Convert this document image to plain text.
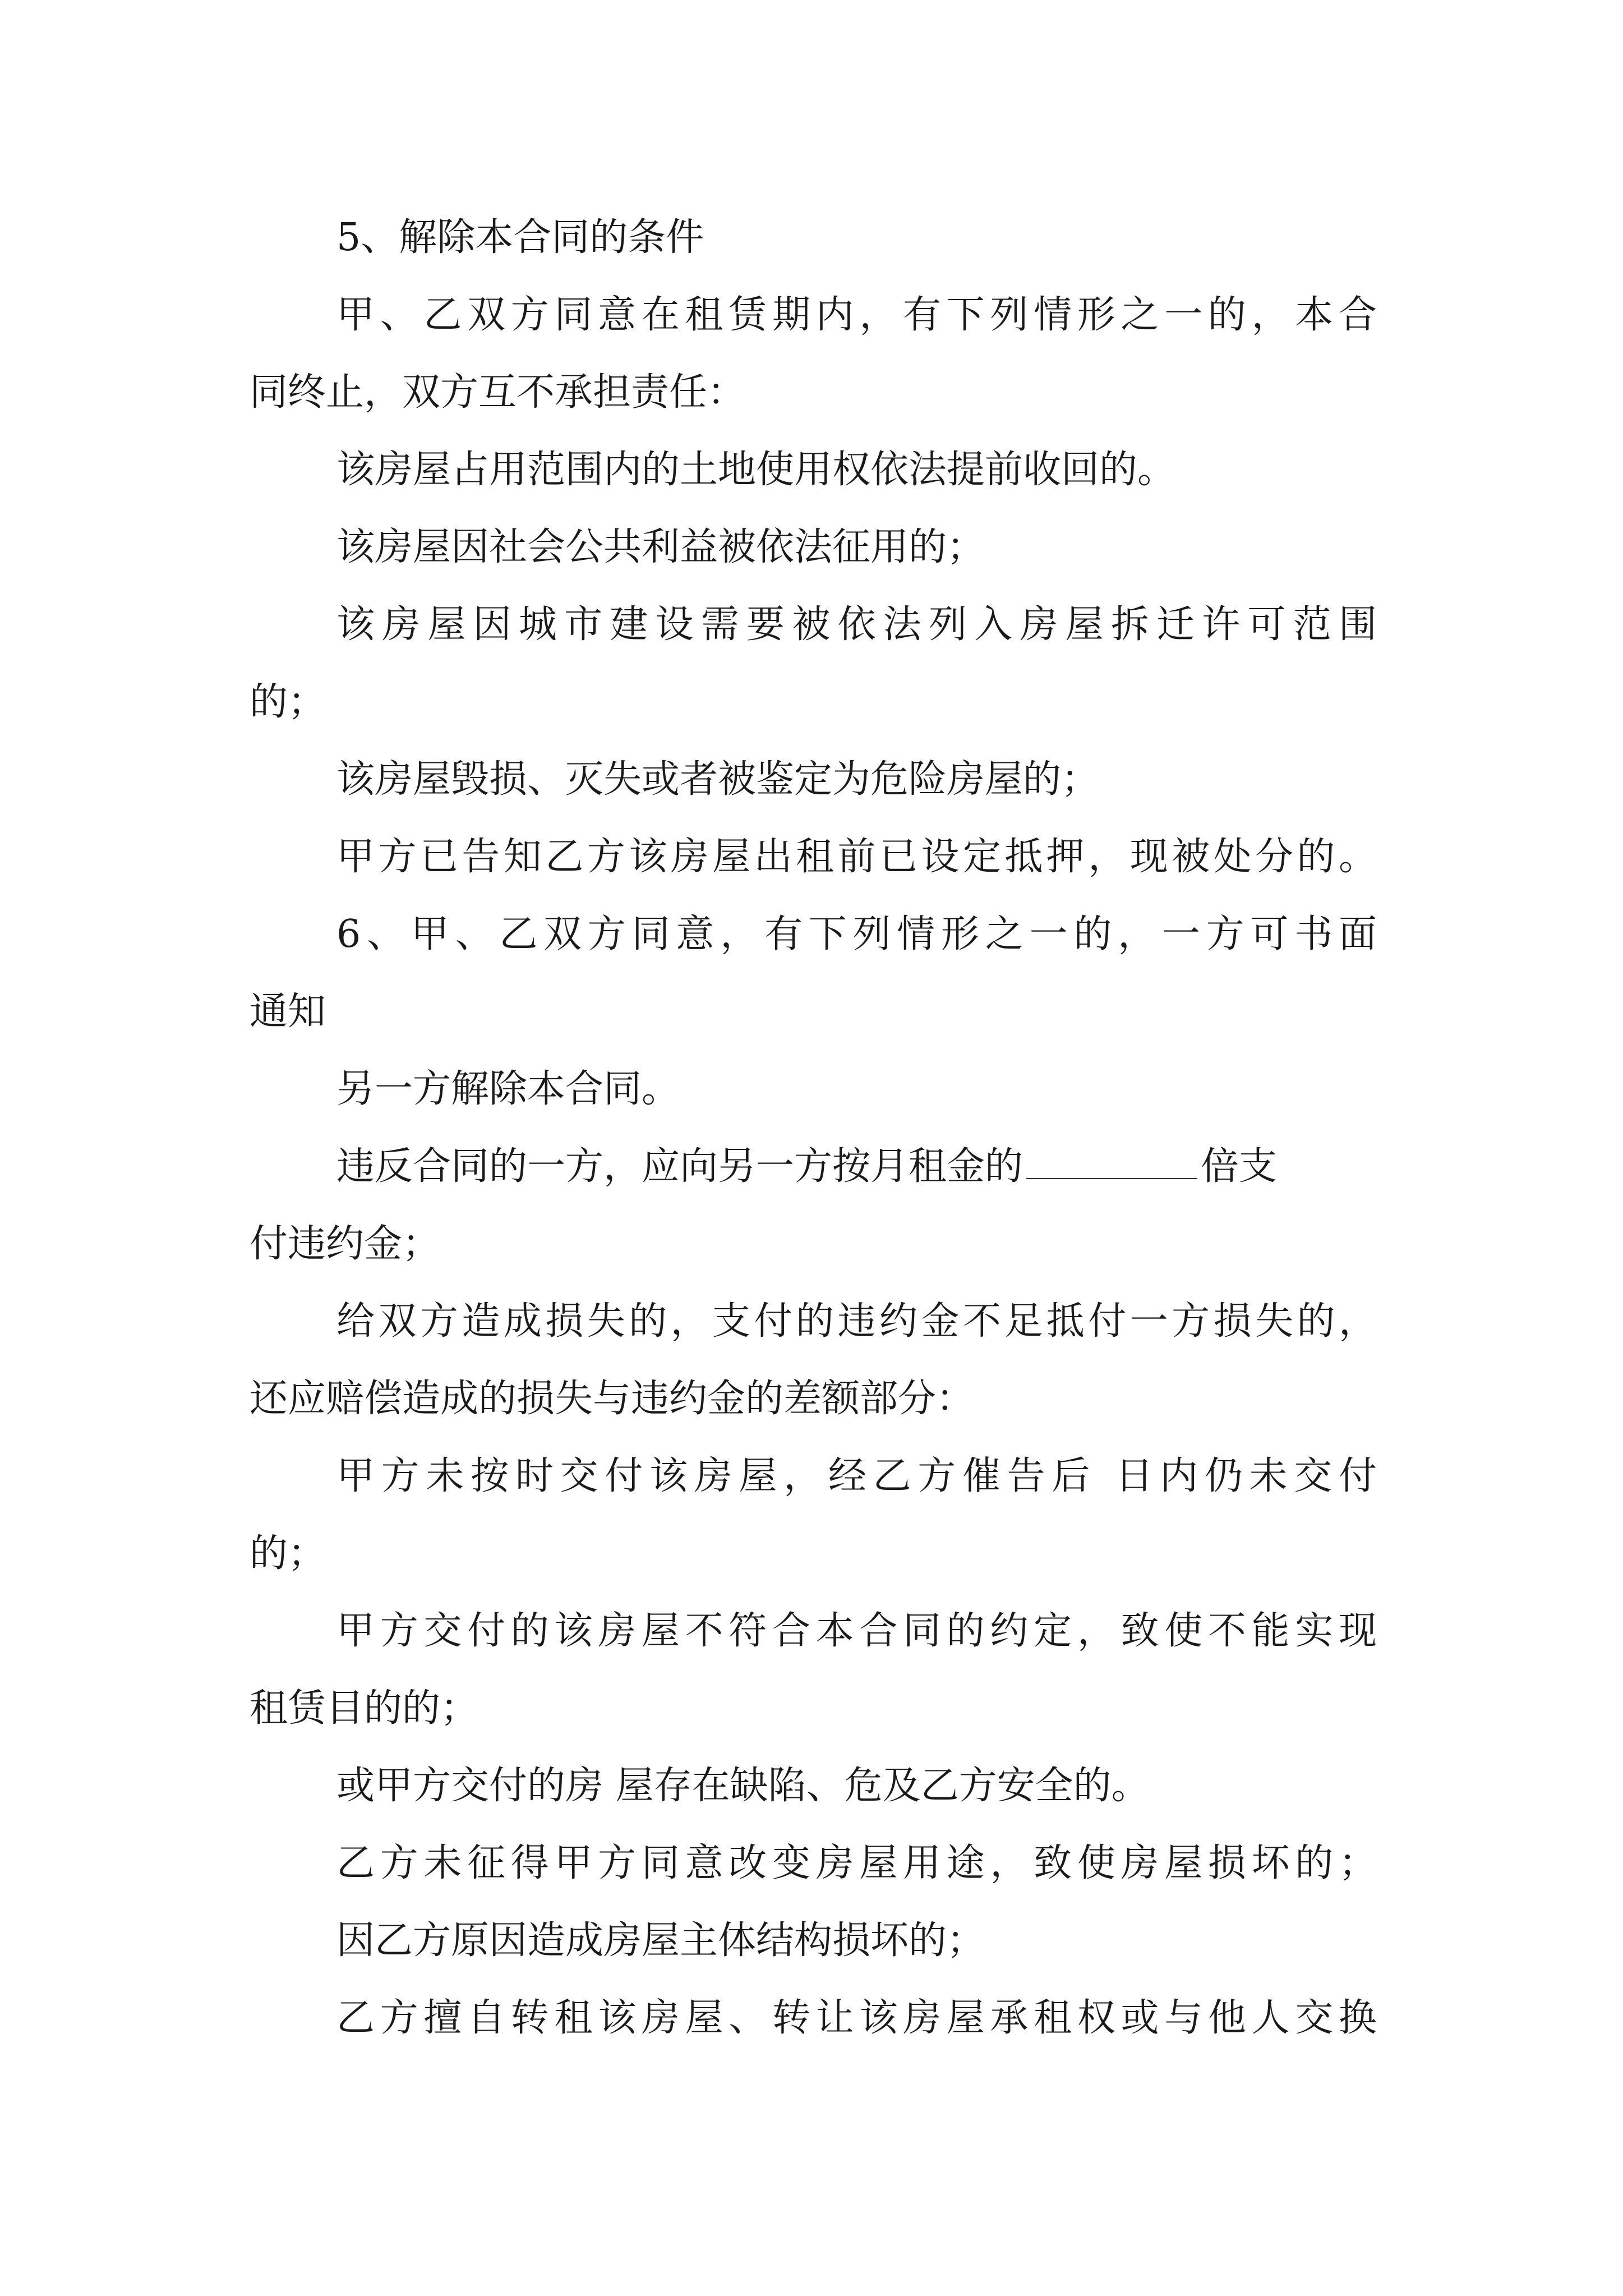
5、解除本合同的条件
甲、乙双方同意在租赁期内，有下列情形之一的，本合
同终止，双方互不承担责任：
该房屋占用范围内的土地使用权依法提前收回的。
该房屋因社会公共利益被依法征用的；
该房屋因城市建设需要被依法列入房屋拆迁许可范围
的；
该房屋毁损、灭失或者被鉴定为危险房屋的；
甲方已告知乙方该房屋出租前已设定抵押，现被处分的。
6、甲、乙双方同意，有下列情形之一的，一方可书面
通知
另一方解除本合同。
违反合同的一方，应向另一方按月租金的	倍支
付违约金；
给双方造成损失的，支付的违约金不足抵付一方损失的，
还应赔偿造成的损失与违约金的差额部分：
甲方未按时交付该房屋，经乙方催告后 日内仍未交付
的；
甲方交付的该房屋不符合本合同的约定，致使不能实现
租赁目的的；
或甲方交付的房 屋存在缺陷、危及乙方安全的。
乙方未征得甲方同意改变房屋用途，致使房屋损坏的；
因乙方原因造成房屋主体结构损坏的；
乙方擅自转租该房屋、转让该房屋承租权或与他人交换
